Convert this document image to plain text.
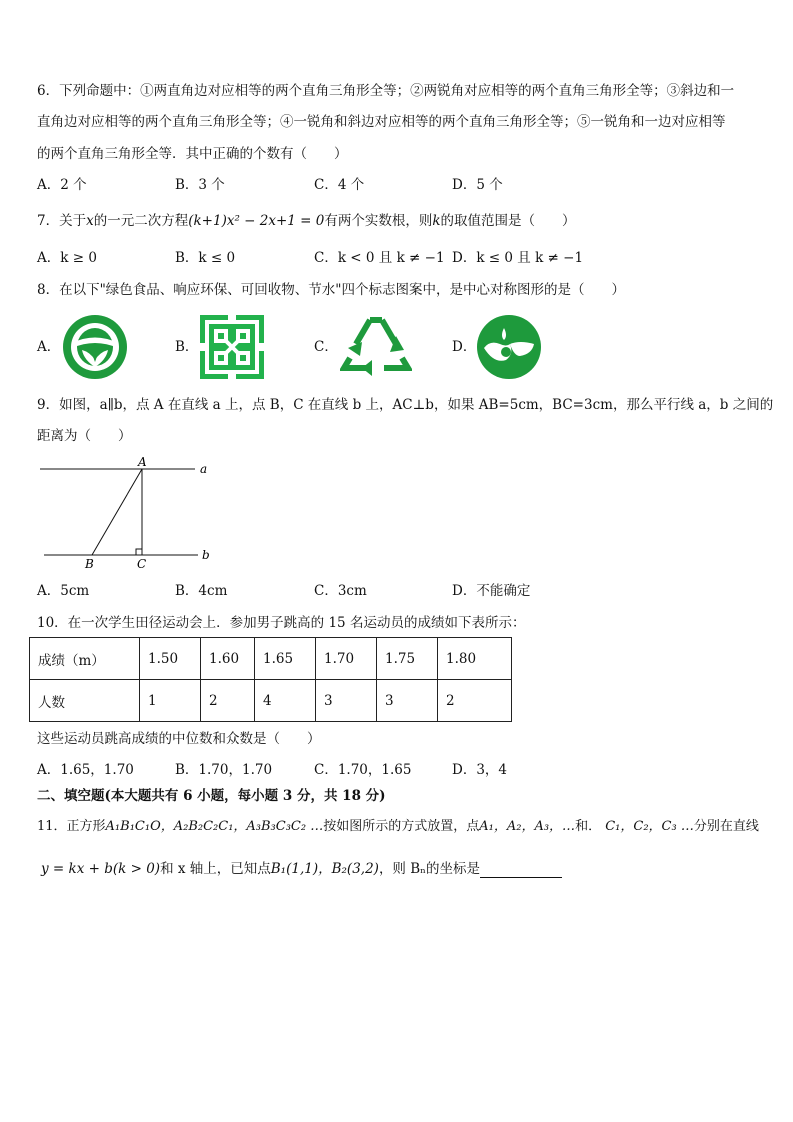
6．下列命题中：①两直角边对应相等的两个直角三角形全等；②两锐角对应相等的两个直角三角形全等；③斜边和一
直角边对应相等的两个直角三角形全等；④一锐角和斜边对应相等的两个直角三角形全等；⑤一锐角和一边对应相等
的两个直角三角形全等．其中正确的个数有（　　）
A．2 个	B．3 个	C．4 个	D．5 个
7．关于x的一元二次方程(k+1)x² − 2x+1 = 0有两个实数根，则k的取值范围是（　　）
A．k ≥ 0	B．k ≤ 0	C．k < 0 且 k ≠ −1 D．k ≤ 0 且 k ≠ −1
8．在以下"绿色食品、响应环保、可回收物、节水"四个标志图案中，是中心对称图形的是（　　）
A．	B．	C．	D．
9．如图，a∥b，点 A 在直线 a 上，点 B，C 在直线 b 上，AC⊥b，如果 AB=5cm，BC=3cm，那么平行线 a，b 之间的
距离为（　　）
A	a
B	C
b
A．5cm	B．4cm	C．3cm	D．不能确定
10．在一次学生田径运动会上．参加男子跳高的 15 名运动员的成绩如下表所示：
成绩（m）	1.50	1.60	1.65	1.70	1.75	1.80
人数	1	2	4	3	3	2
这些运动员跳高成绩的中位数和众数是（　　）
A．1.65，1.70	B．1.70，1.70	C．1.70，1.65	D．3，4
二、填空题(本大题共有 6 小题，每小题 3 分，共 18 分)
11．正方形A₁B₁C₁O，A₂B₂C₂C₁，A₃B₃C₃C₂ …按如图所示的方式放置，点A₁，A₂，A₃，…和． C₁，C₂，C₃ …分别在直线
y = kx + b(k > 0)和 x 轴上，已知点B₁(1,1)，B₂(3,2)，则 Bₙ的坐标是
